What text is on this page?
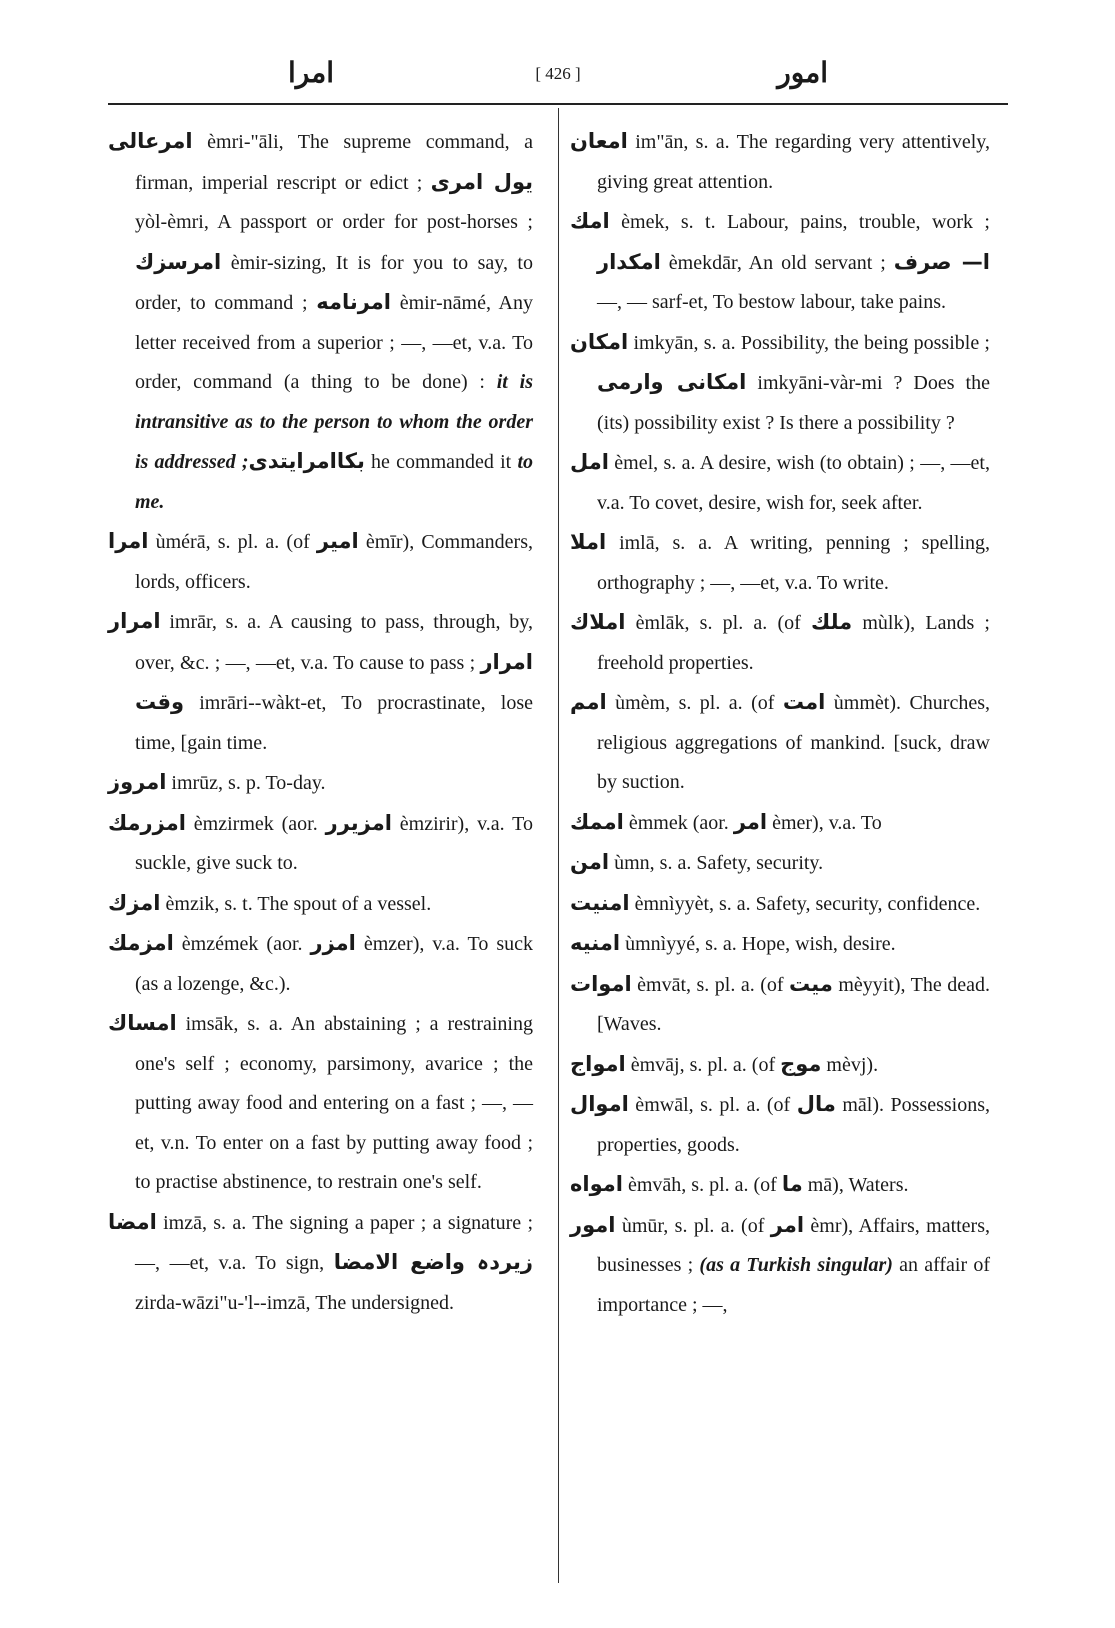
امرا	[ 426 ]	امور

امرعالی èmri-"āli, The supreme command, a firman, imperial rescript or edict ; یول امری yòl-èmri, A passport or order for post-horses ; امرسزك èmir-sizing, It is for you to say, to order, to command ; امرنامه èmir-nāmé, Any letter received from a superior ; —, —et, v.a. To order, command (a thing to be done) : it is intransitive as to the person to whom the order is addressed ;بکاامرایتدی he commanded it to me.

امرا ùmérā, s. pl. a. (of امیر èmīr), Commanders, lords, officers.

امرار imrār, s. a. A causing to pass, through, by, over, &c. ; —, —et, v.a. To cause to pass ; امرار وقت imrāri--wàkt-et, To procrastinate, lose time, [gain time.

امروز imrūz, s. p. To-day.

امزرمك èmzirmek (aor. امزیرر èmzirir), v.a. To suckle, give suck to.

امزك èmzik, s. t. The spout of a vessel.

امزمك èmzémek (aor. امزر èmzer), v.a. To suck (as a lozenge, &c.).

امساك imsāk, s. a. An abstaining ; a restraining one's self ; economy, parsimony, avarice ; the putting away food and entering on a fast ; —, —et, v.n. To enter on a fast by putting away food ; to practise abstinence, to restrain one's self.

امضا imzā, s. a. The signing a paper ; a signature ; —, —et, v.a. To sign, زیردہ واضع الامضا zirda-wāzi"u-'l--imzā, The undersigned.

امعان im"ān, s. a. The regarding very attentively, giving great attention.

امك èmek, s. t. Labour, pains, trouble, work ; امکدار èmekdār, An old servant ; ا— صرف —, — sarf-et, To bestow labour, take pains.

امکان imkyān, s. a. Possibility, the being possible ; امکانی وارمی imkyāni-vàr-mi ? Does the (its) possibility exist ? Is there a possibility ?

امل èmel, s. a. A desire, wish (to obtain) ; —, —et, v.a. To covet, desire, wish for, seek after.

املا imlā, s. a. A writing, penning ; spelling, orthography ; —, —et, v.a. To write.

املاك èmlāk, s. pl. a. (of ملك mùlk), Lands ; freehold properties.

امم ùmèm, s. pl. a. (of امت ùmmèt). Churches, religious aggregations of mankind. [suck, draw by suction.

اممك èmmek (aor. امر èmer), v.a. To

امن ùmn, s. a. Safety, security.

امنیت èmnìyyèt, s. a. Safety, security, confidence.

امنیه ùmnìyyé, s. a. Hope, wish, desire.

اموات èmvāt, s. pl. a. (of میت mèyyit), The dead. [Waves.

امواج èmvāj, s. pl. a. (of موج mèvj).

اموال èmwāl, s. pl. a. (of مال māl). Possessions, properties, goods.

امواه èmvāh, s. pl. a. (of ما mā), Waters.

امور ùmūr, s. pl. a. (of امر èmr), Affairs, matters, businesses ; (as a Turkish singular) an affair of importance ; —,
